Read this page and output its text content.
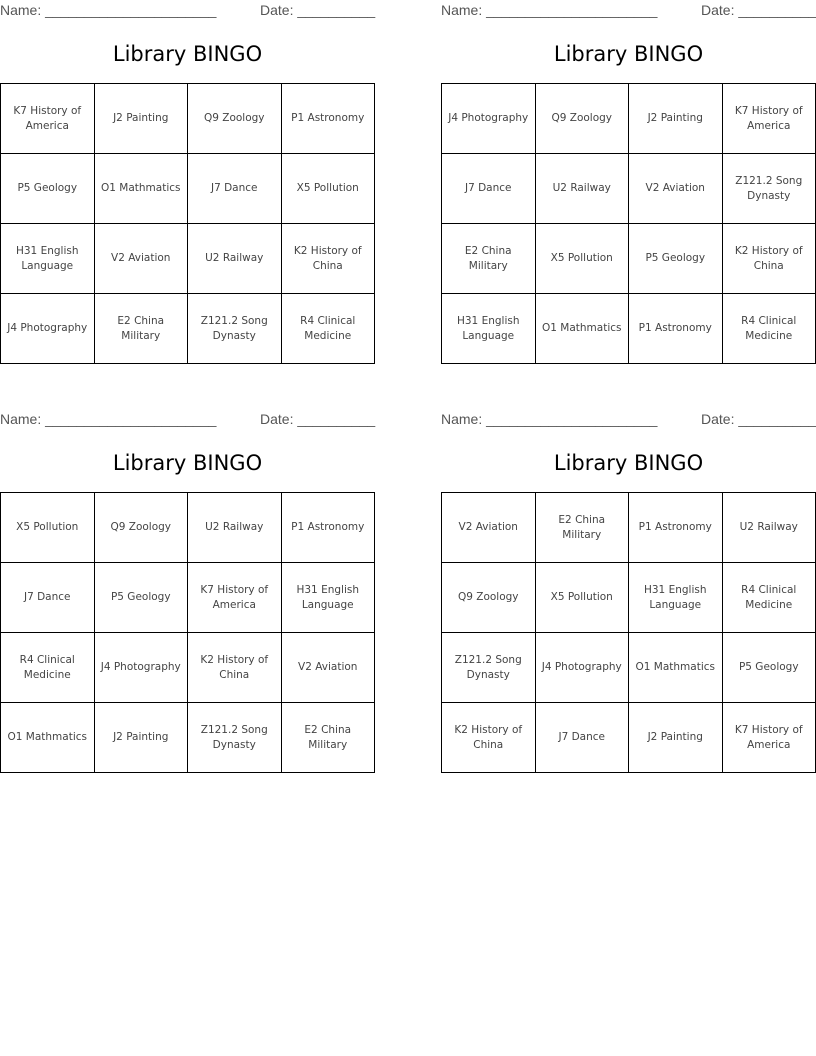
Name: ______________________	Date: __________
Library BINGO
K7 History of America	J2 Painting	Q9 Zoology	P1 Astronomy
P5 Geology	O1 Mathmatics	J7 Dance	X5 Pollution
H31 English Language	V2 Aviation	U2 Railway	K2 History of China
J4 Photography	E2 China Military	Z121.2 Song Dynasty	R4 Clinical Medicine
Name: ______________________	Date: __________
Library BINGO
J4 Photography	Q9 Zoology	J2 Painting	K7 History of America
J7 Dance	U2 Railway	V2 Aviation	Z121.2 Song Dynasty
E2 China Military	X5 Pollution	P5 Geology	K2 History of China
H31 English Language	O1 Mathmatics	P1 Astronomy	R4 Clinical Medicine
Name: ______________________	Date: __________
Library BINGO
X5 Pollution	Q9 Zoology	U2 Railway	P1 Astronomy
J7 Dance	P5 Geology	K7 History of America	H31 English Language
R4 Clinical Medicine	J4 Photography	K2 History of China	V2 Aviation
O1 Mathmatics	J2 Painting	Z121.2 Song Dynasty	E2 China Military
Name: ______________________	Date: __________
Library BINGO
V2 Aviation	E2 China Military	P1 Astronomy	U2 Railway
Q9 Zoology	X5 Pollution	H31 English Language	R4 Clinical Medicine
Z121.2 Song Dynasty	J4 Photography	O1 Mathmatics	P5 Geology
K2 History of China	J7 Dance	J2 Painting	K7 History of America
